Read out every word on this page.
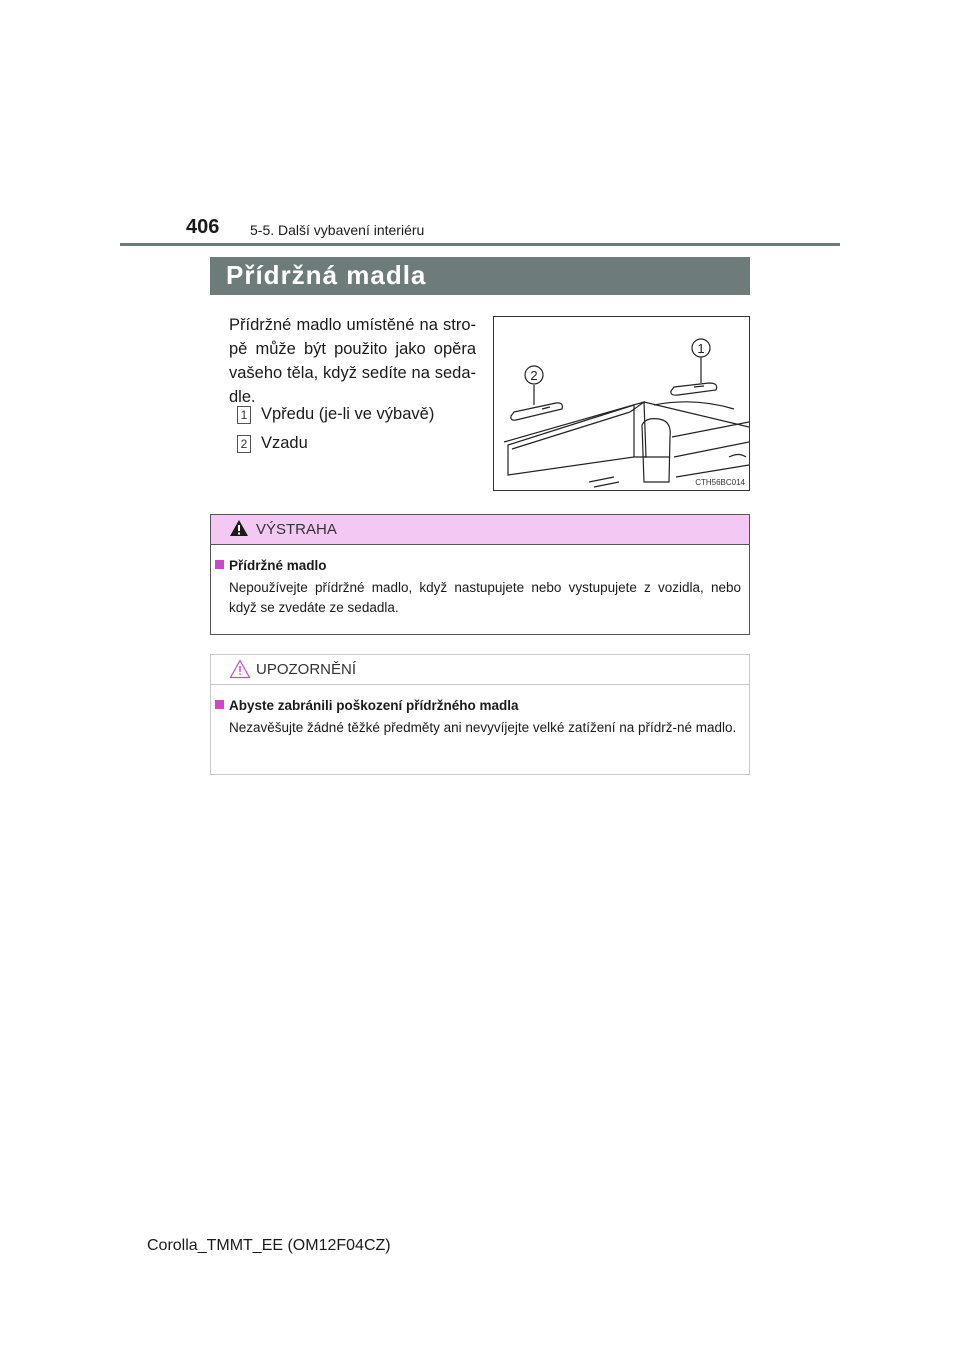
406 5-5. Další vybavení interiéru
Přídržná madla

Přídržné madlo umístěné na stro-pě může být použito jako opěra vašeho těla, když sedíte na seda-dle.

1 Vpředu (je-li ve výbavě)
2 Vzadu
2
1
CTH56BC014
VÝSTRAHA
Přídržné madlo

Nepoužívejte přídržné madlo, když nastupujete nebo vystupujete z vozidla, nebo když se zvedáte ze sedadla.

UPOZORNĚNÍ
Abyste zabránili poškození přídržného madla

Nezavěšujte žádné těžké předměty ani nevyvíjejte velké zatížení na přídrž-né madlo.

Corolla_TMMT_EE (OM12F04CZ)
